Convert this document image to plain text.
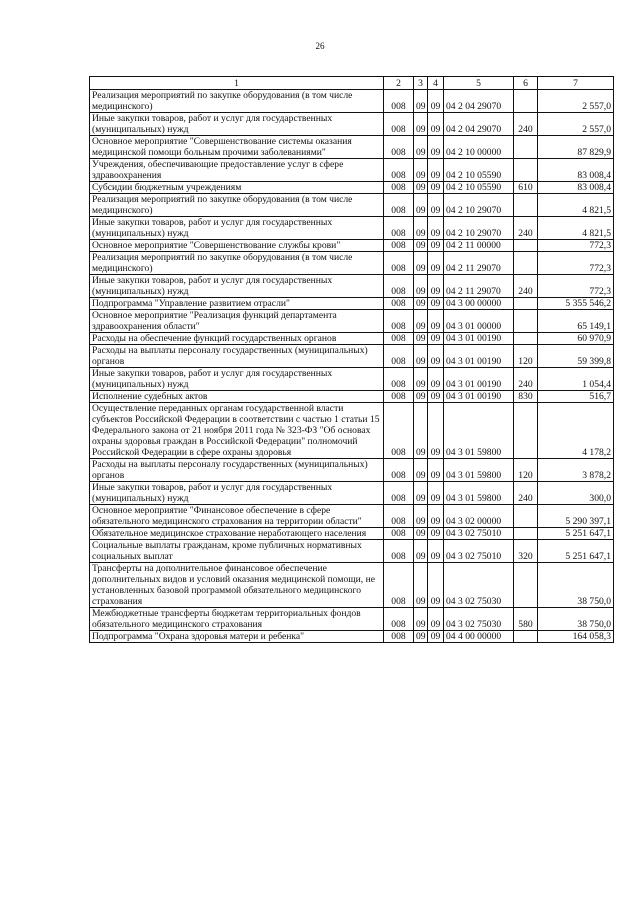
26
1	2	3	4	5	6	7
Реализация мероприятий по закупке оборудования (в том числе медицинского)	008	09	09	04 2 04 29070		2 557,0
Иные закупки товаров, работ и услуг для государственных (муниципальных) нужд	008	09	09	04 2 04 29070	240	2 557,0
Основное мероприятие "Совершенствование системы оказания медицинской помощи больным прочими заболеваниями"	008	09	09	04 2 10 00000		87 829,9
Учреждения, обеспечивающие предоставление услуг в сфере здравоохранения	008	09	09	04 2 10 05590		83 008,4
Субсидии бюджетным учреждениям	008	09	09	04 2 10 05590	610	83 008,4
Реализация мероприятий по закупке оборудования (в том числе медицинского)	008	09	09	04 2 10 29070		4 821,5
Иные закупки товаров, работ и услуг для государственных (муниципальных) нужд	008	09	09	04 2 10 29070	240	4 821,5
Основное мероприятие "Совершенствование службы крови"	008	09	09	04 2 11 00000		772,3
Реализация мероприятий по закупке оборудования (в том числе медицинского)	008	09	09	04 2 11 29070		772,3
Иные закупки товаров, работ и услуг для государственных (муниципальных) нужд	008	09	09	04 2 11 29070	240	772,3
Подпрограмма "Управление развитием отрасли"	008	09	09	04 3 00 00000		5 355 546,2
Основное мероприятие "Реализация функций департамента здравоохранения области"	008	09	09	04 3 01 00000		65 149,1
Расходы на обеспечение функций государственных органов	008	09	09	04 3 01 00190		60 970,9
Расходы на выплаты персоналу государственных (муниципальных) органов	008	09	09	04 3 01 00190	120	59 399,8
Иные закупки товаров, работ и услуг для государственных (муниципальных) нужд	008	09	09	04 3 01 00190	240	1 054,4
Исполнение судебных актов	008	09	09	04 3 01 00190	830	516,7
Осуществление переданных органам государственной власти субъектов Российской Федерации в соответствии с частью 1 статьи 15 Федерального закона от 21 ноября 2011 года № 323-ФЗ "Об основах охраны здоровья граждан в Российской Федерации" полномочий Российской Федерации в сфере охраны здоровья	008	09	09	04 3 01 59800		4 178,2
Расходы на выплаты персоналу государственных (муниципальных) органов	008	09	09	04 3 01 59800	120	3 878,2
Иные закупки товаров, работ и услуг для государственных (муниципальных) нужд	008	09	09	04 3 01 59800	240	300,0
Основное мероприятие "Финансовое обеспечение в сфере обязательного медицинского страхования на территории области"	008	09	09	04 3 02 00000		5 290 397,1
Обязательное медицинское страхование неработающего населения	008	09	09	04 3 02 75010		5 251 647,1
Социальные выплаты гражданам, кроме публичных нормативных социальных выплат	008	09	09	04 3 02 75010	320	5 251 647,1
Трансферты на дополнительное финансовое обеспечение дополнительных видов и условий оказания медицинской помощи, не установленных базовой программой обязательного медицинского страхования	008	09	09	04 3 02 75030		38 750,0
Межбюджетные трансферты бюджетам территориальных фондов обязательного медицинского страхования	008	09	09	04 3 02 75030	580	38 750,0
Подпрограмма "Охрана здоровья матери и ребенка"	008	09	09	04 4 00 00000		164 058,3
